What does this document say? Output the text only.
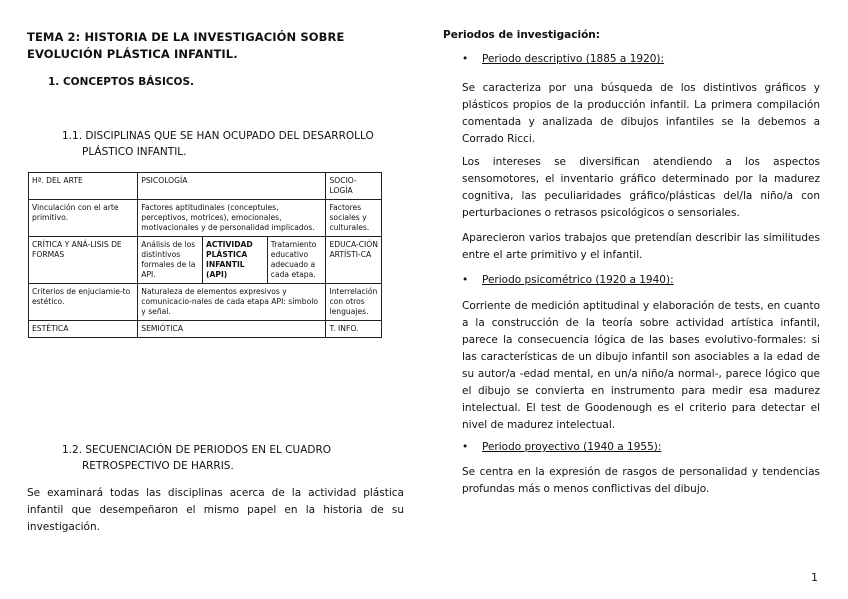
TEMA 2: HISTORIA DE LA INVESTIGACIÓN SOBRE
EVOLUCIÓN PLÁSTICA INFANTIL.
1. CONCEPTOS BÁSICOS.
1.1. DISCIPLINAS QUE SE HAN OCUPADO DEL DESARROLLO
PLÁSTICO INFANTIL.
Hª. DEL ARTE	PSICOLOGÍA			SOCIO- LOGÍA
Vinculación con el arte primitivo.	Factores aptitudinales (conceptules, perceptivos, motrices), emocionales, motivacionales y de personalidad implicados.			Factores sociales y culturales.
CRÍTICA Y ANÁ-LISIS DE FORMAS	Análisis de los distintivos formales de la API.	ACTIVIDAD PLÁSTICA INFANTIL (API)	Tratamiento educativo adecuado a cada etapa.	EDUCA-CIÓN ARTÍSTI-CA
Criterios de enjuciamie-to estético.	Naturaleza de elementos expresivos y comunicacio-nales de cada etapa API: símbolo y señal.			Interrelación con otros lenguajes.
ESTÉTICA	SEMIÓTICA			T. INFO.
1.2. SECUENCIACIÓN DE PERIODOS EN EL CUADRO
RETROSPECTIVO DE HARRIS.
Se examinará todas las disciplinas acerca de la actividad plástica infantil que desempeñaron el mismo papel en la historia de su investigación.
Periodos de investigación:
• Periodo descriptivo (1885 a 1920):
Se caracteriza por una búsqueda de los distintivos gráficos y plásticos propios de la producción infantil. La primera compilación comentada y analizada de dibujos infantiles se la debemos a Corrado Ricci.
Los intereses se diversifican atendiendo a los aspectos sensomotores, el inventario gráfico determinado por la madurez cognitiva, las peculiaridades gráfico/plásticas del/la niño/a con perturbaciones o retrasos psicológicos o sensoriales.
Aparecieron varios trabajos que pretendían describir las similitudes entre el arte primitivo y el infantil.
• Periodo psicométrico (1920 a 1940):
Corriente de medición aptitudinal y elaboración de tests, en cuanto a la construcción de la teoría sobre actividad artística infantil, parece la consecuencia lógica de las bases evolutivo-formales: si las características de un dibujo infantil son asociables a la edad de su autor/a -edad mental, en un/a niño/a normal-, parece lógico que el dibujo se convierta en instrumento para medir esa madurez intelectual. El test de Goodenough es el criterio para detectar el nivel de madurez intelectual.
• Periodo proyectivo (1940 a 1955):
Se centra en la expresión de rasgos de personalidad y tendencias profundas más o menos conflictivas del dibujo.
1
